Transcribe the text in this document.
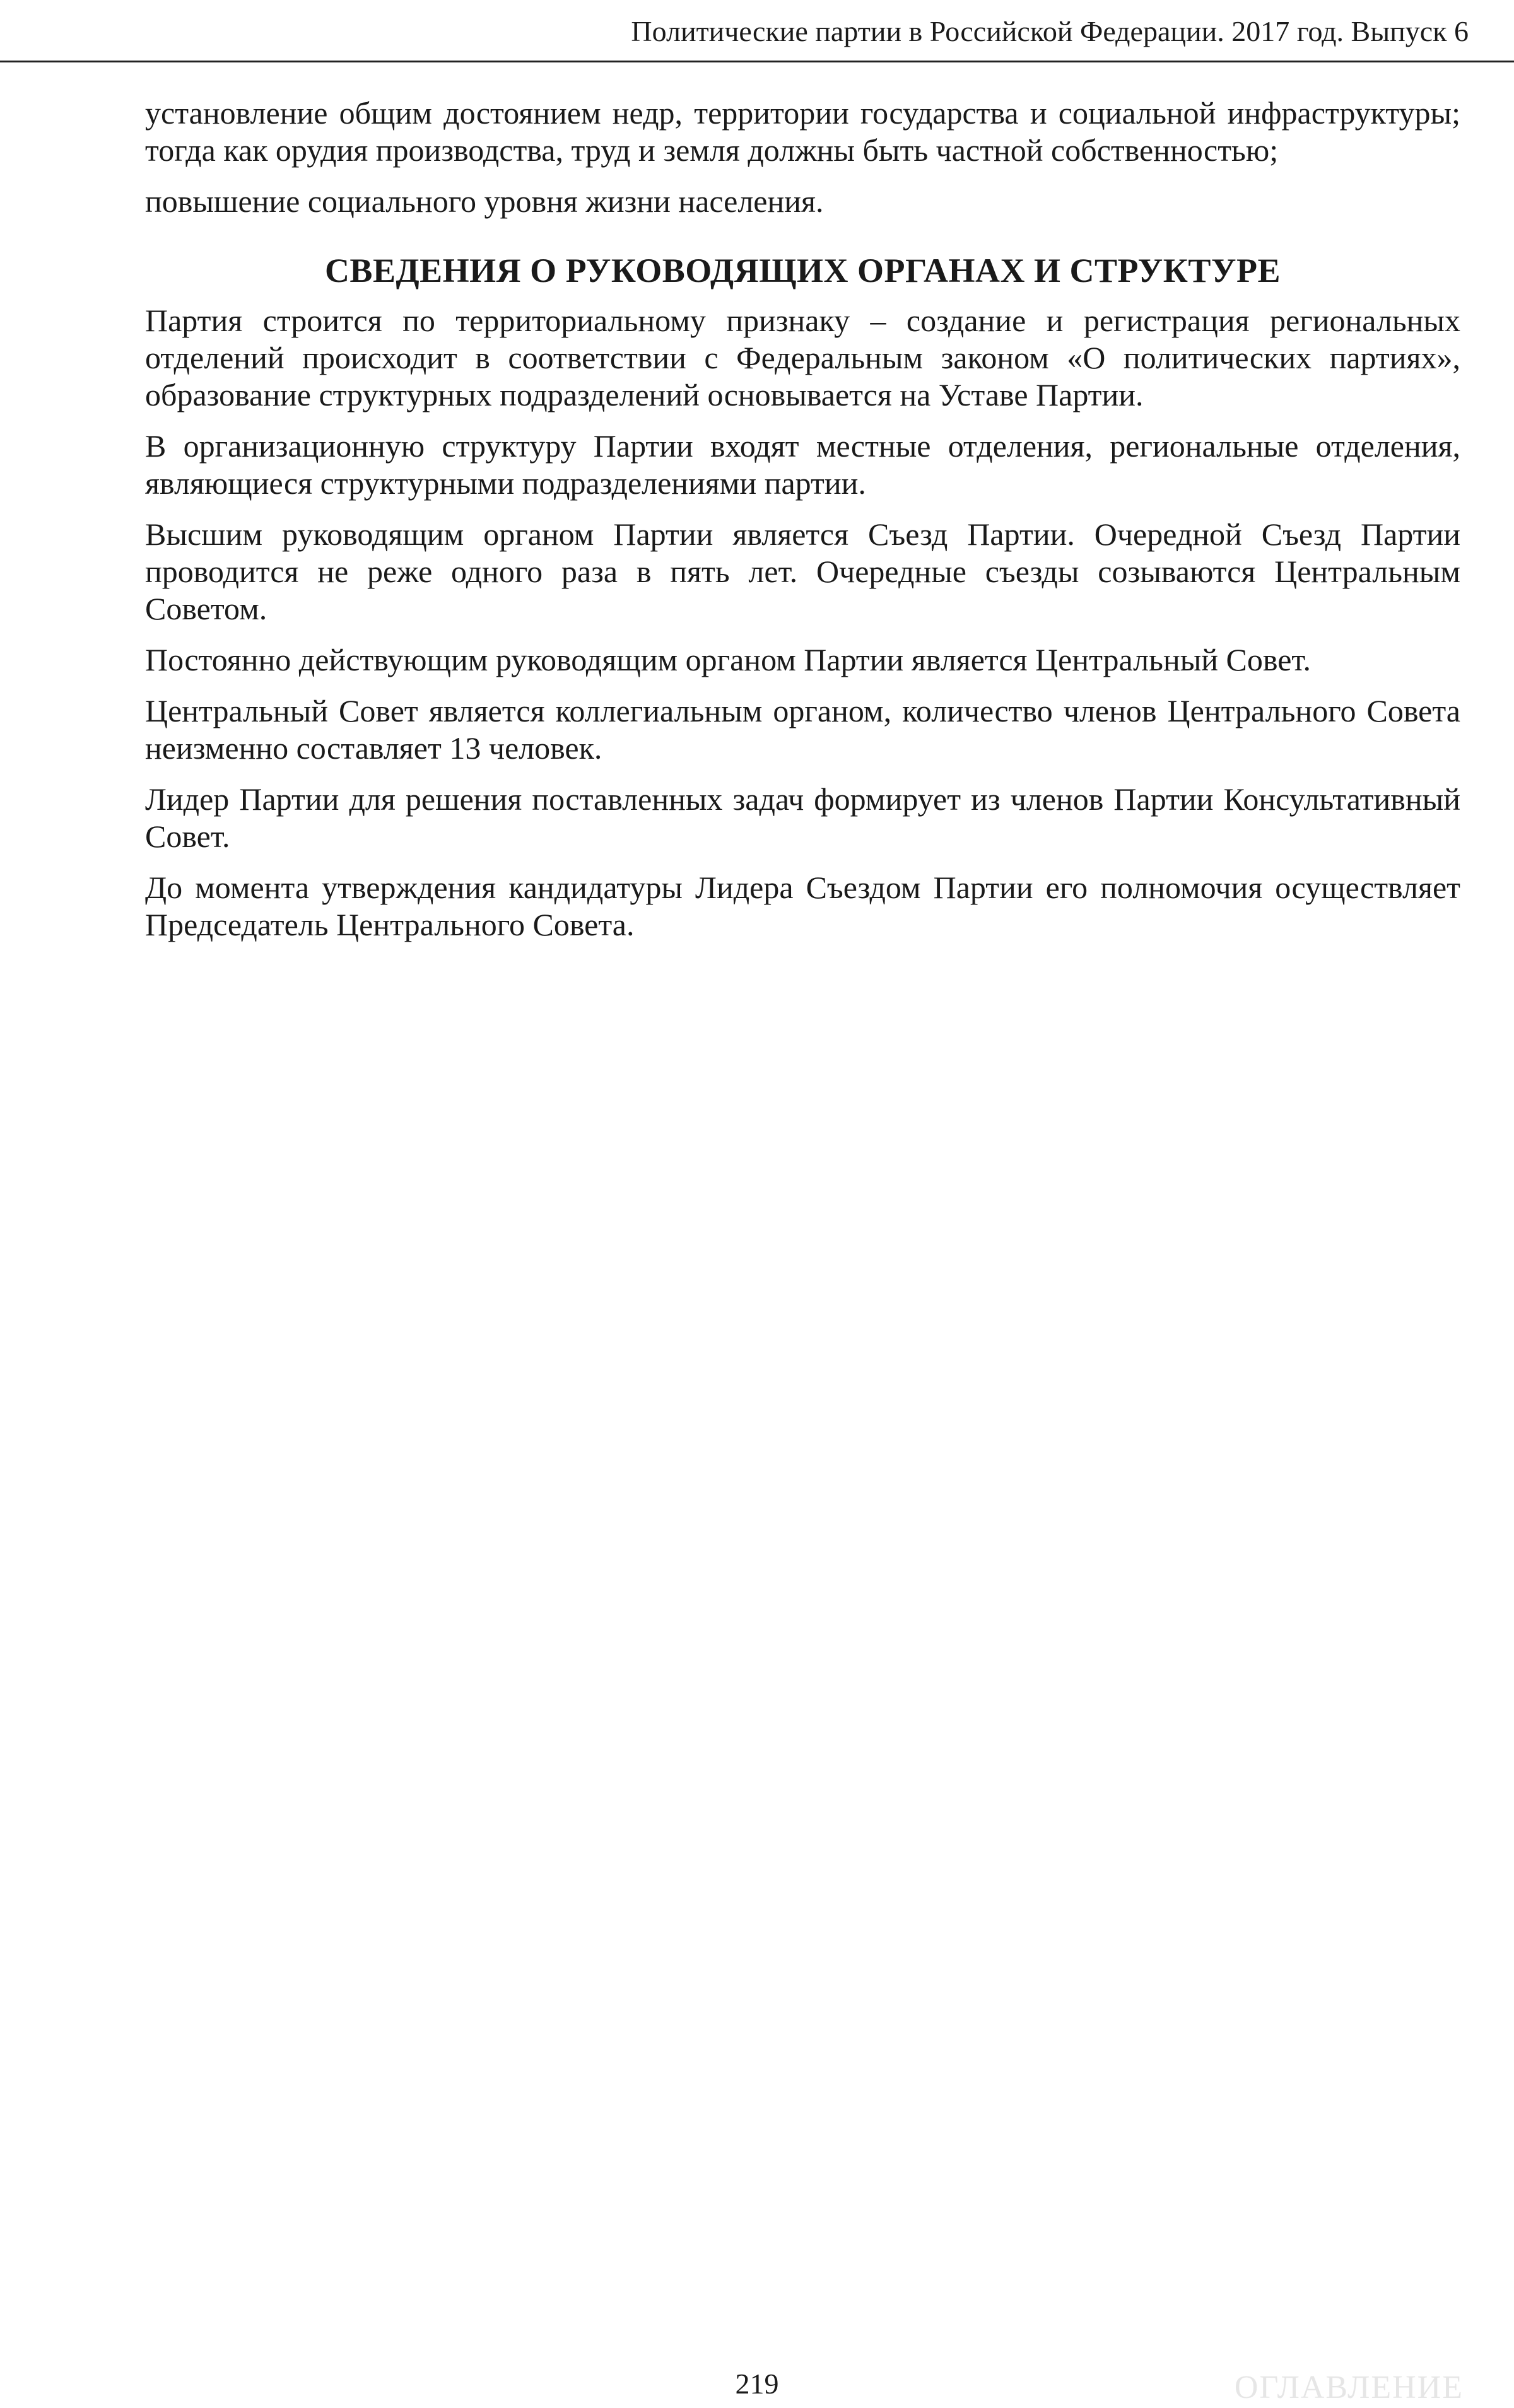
Политические партии в Российской Федерации. 2017 год. Выпуск 6

установление общим достоянием недр, территории государства и социальной инфраструктуры; тогда как орудия производства, труд и земля должны быть частной собственностью;

повышение социального уровня жизни населения.

СВЕДЕНИЯ О РУКОВОДЯЩИХ ОРГАНАХ И СТРУКТУРЕ

Партия строится по территориальному признаку – создание и регистрация региональных отделений происходит в соответствии с Федеральным законом «О политических партиях», образование структурных подразделений основывается на Уставе Партии.

В организационную структуру Партии входят местные отделения, региональные отделения, являющиеся структурными подразделениями партии.

Высшим руководящим органом Партии является Съезд Партии. Очередной Съезд Партии проводится не реже одного раза в пять лет. Очередные съезды созываются Центральным Советом.

Постоянно действующим руководящим органом Партии является Центральный Совет.

Центральный Совет является коллегиальным органом, количество членов Центрального Совета неизменно составляет 13 человек.

Лидер Партии для решения поставленных задач формирует из членов Партии Консультативный Совет.

До момента утверждения кандидатуры Лидера Съездом Партии его полномочия осуществляет Председатель Центрального Совета.

219	ОГЛАВЛЕНИЕ
